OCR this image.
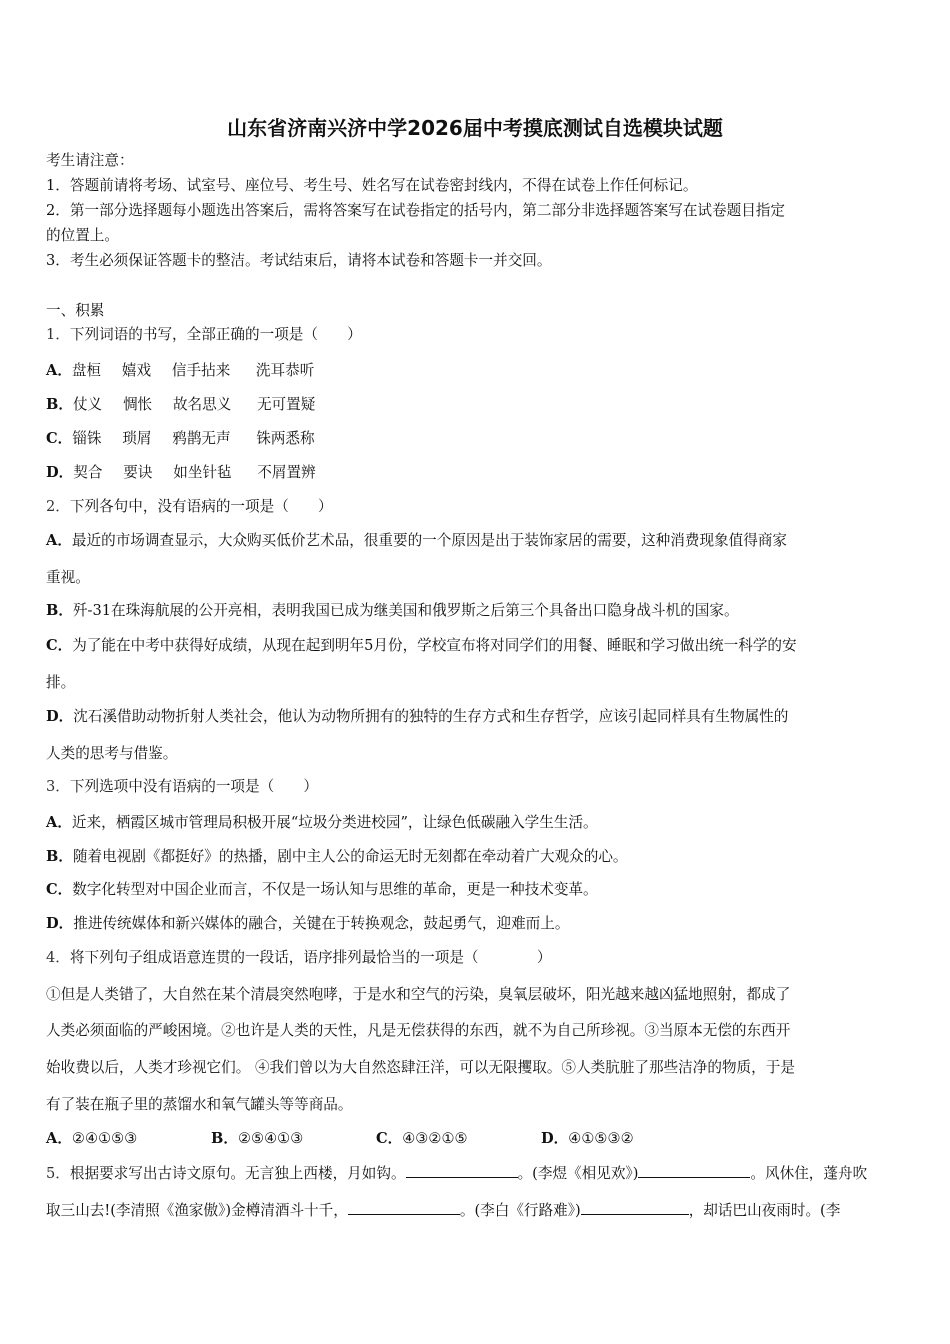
山东省济南兴济中学2026届中考摸底测试自选模块试题
考生请注意：
1．答题前请将考场、试室号、座位号、考生号、姓名写在试卷密封线内，不得在试卷上作任何标记。
2．第一部分选择题每小题选出答案后，需将答案写在试卷指定的括号内，第二部分非选择题答案写在试卷题目指定
的位置上。
3．考生必须保证答题卡的整洁。考试结束后，请将本试卷和答题卡一并交回。
一、积累
1．下列词语的书写，全部正确的一项是（　　）
A．盘桓 嬉戏 信手拈来 洗耳恭听
B．仗义 惆怅 故名思义 无可置疑
C．锱铢 琐屑 鸦鹊无声 铢两悉称
D．契合 要诀 如坐针毡 不屑置辨
2．下列各句中，没有语病的一项是（　　）
A．最近的市场调查显示，大众购买低价艺术品，很重要的一个原因是出于装饰家居的需要，这种消费现象值得商家
重视。
B．歼-31在珠海航展的公开亮相，表明我国已成为继美国和俄罗斯之后第三个具备出口隐身战斗机的国家。
C．为了能在中考中获得好成绩，从现在起到明年5月份，学校宣布将对同学们的用餐、睡眠和学习做出统一科学的安
排。
D．沈石溪借助动物折射人类社会，他认为动物所拥有的独特的生存方式和生存哲学，应该引起同样具有生物属性的
人类的思考与借鉴。
3．下列选项中没有语病的一项是（　　）
A．近来，栖霞区城市管理局积极开展“垃圾分类进校园”，让绿色低碳融入学生生活。
B．随着电视剧《都挺好》的热播，剧中主人公的命运无时无刻都在牵动着广大观众的心。
C．数字化转型对中国企业而言，不仅是一场认知与思维的革命，更是一种技术变革。
D．推进传统媒体和新兴媒体的融合，关键在于转换观念，鼓起勇气，迎难而上。
4．将下列句子组成语意连贯的一段话，语序排列最恰当的一项是（　　　　）
①但是人类错了，大自然在某个清晨突然咆哮，于是水和空气的污染，臭氧层破坏，阳光越来越凶猛地照射，都成了
人类必须面临的严峻困境。②也许是人类的天性，凡是无偿获得的东西，就不为自己所珍视。③当原本无偿的东西开
始收费以后，人类才珍视它们。 ④我们曾以为大自然恣肆汪洋，可以无限攫取。⑤人类肮脏了那些洁净的物质，于是
有了装在瓶子里的蒸馏水和氧气罐头等等商品。
A．②④①⑤③	B．②⑤④①③	C．④③②①⑤	D．④①⑤③②
5．根据要求写出古诗文原句。无言独上西楼，月如钩。	。(李煜《相见欢》)	。风休住，蓬舟吹
取三山去!(李清照《渔家傲》)金樽清酒斗十千，	。(李白《行路难》)	，却话巴山夜雨时。(李
